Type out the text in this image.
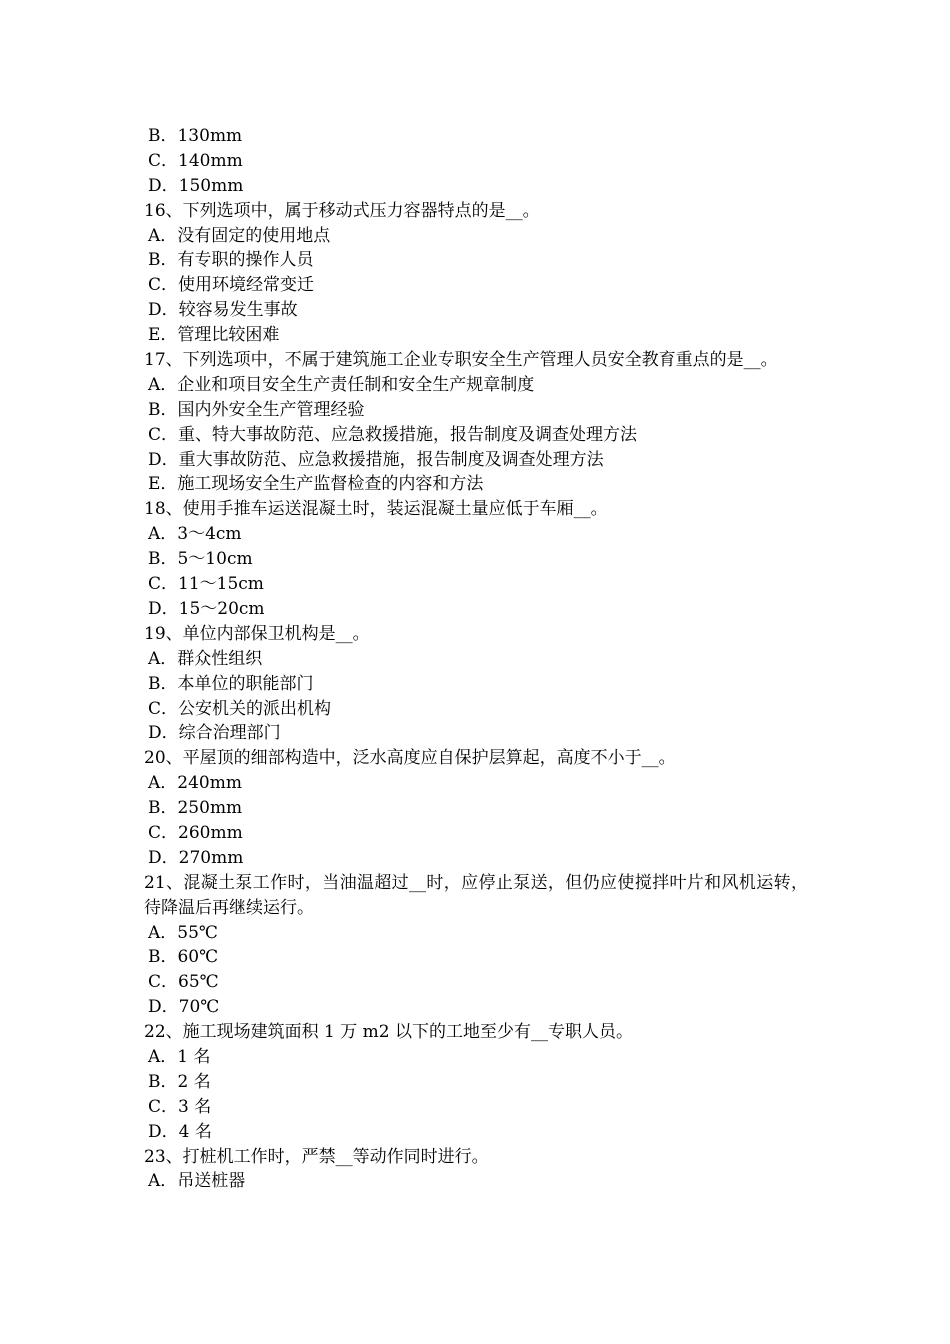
B．130mm
C．140mm
D．150mm
16、下列选项中，属于移动式压力容器特点的是__。
A．没有固定的使用地点
B．有专职的操作人员
C．使用环境经常变迁
D．较容易发生事故
E．管理比较困难
17、下列选项中，不属于建筑施工企业专职安全生产管理人员安全教育重点的是__。
A．企业和项目安全生产责任制和安全生产规章制度
B．国内外安全生产管理经验
C．重、特大事故防范、应急救援措施，报告制度及调查处理方法
D．重大事故防范、应急救援措施，报告制度及调查处理方法
E．施工现场安全生产监督检查的内容和方法
18、使用手推车运送混凝土时，装运混凝土量应低于车厢__。
A．3～4cm
B．5～10cm
C．11～15cm
D．15～20cm
19、单位内部保卫机构是__。
A．群众性组织
B．本单位的职能部门
C．公安机关的派出机构
D．综合治理部门
20、平屋顶的细部构造中，泛水高度应自保护层算起，高度不小于__。
A．240mm
B．250mm
C．260mm
D．270mm
21、混凝土泵工作时，当油温超过__时，应停止泵送，但仍应使搅拌叶片和风机运转，待降温后再继续运行。
A．55℃
B．60℃
C．65℃
D．70℃
22、施工现场建筑面积 1 万 m2 以下的工地至少有__专职人员。
A．1 名
B．2 名
C．3 名
D．4 名
23、打桩机工作时，严禁__等动作同时进行。
A．吊送桩器
